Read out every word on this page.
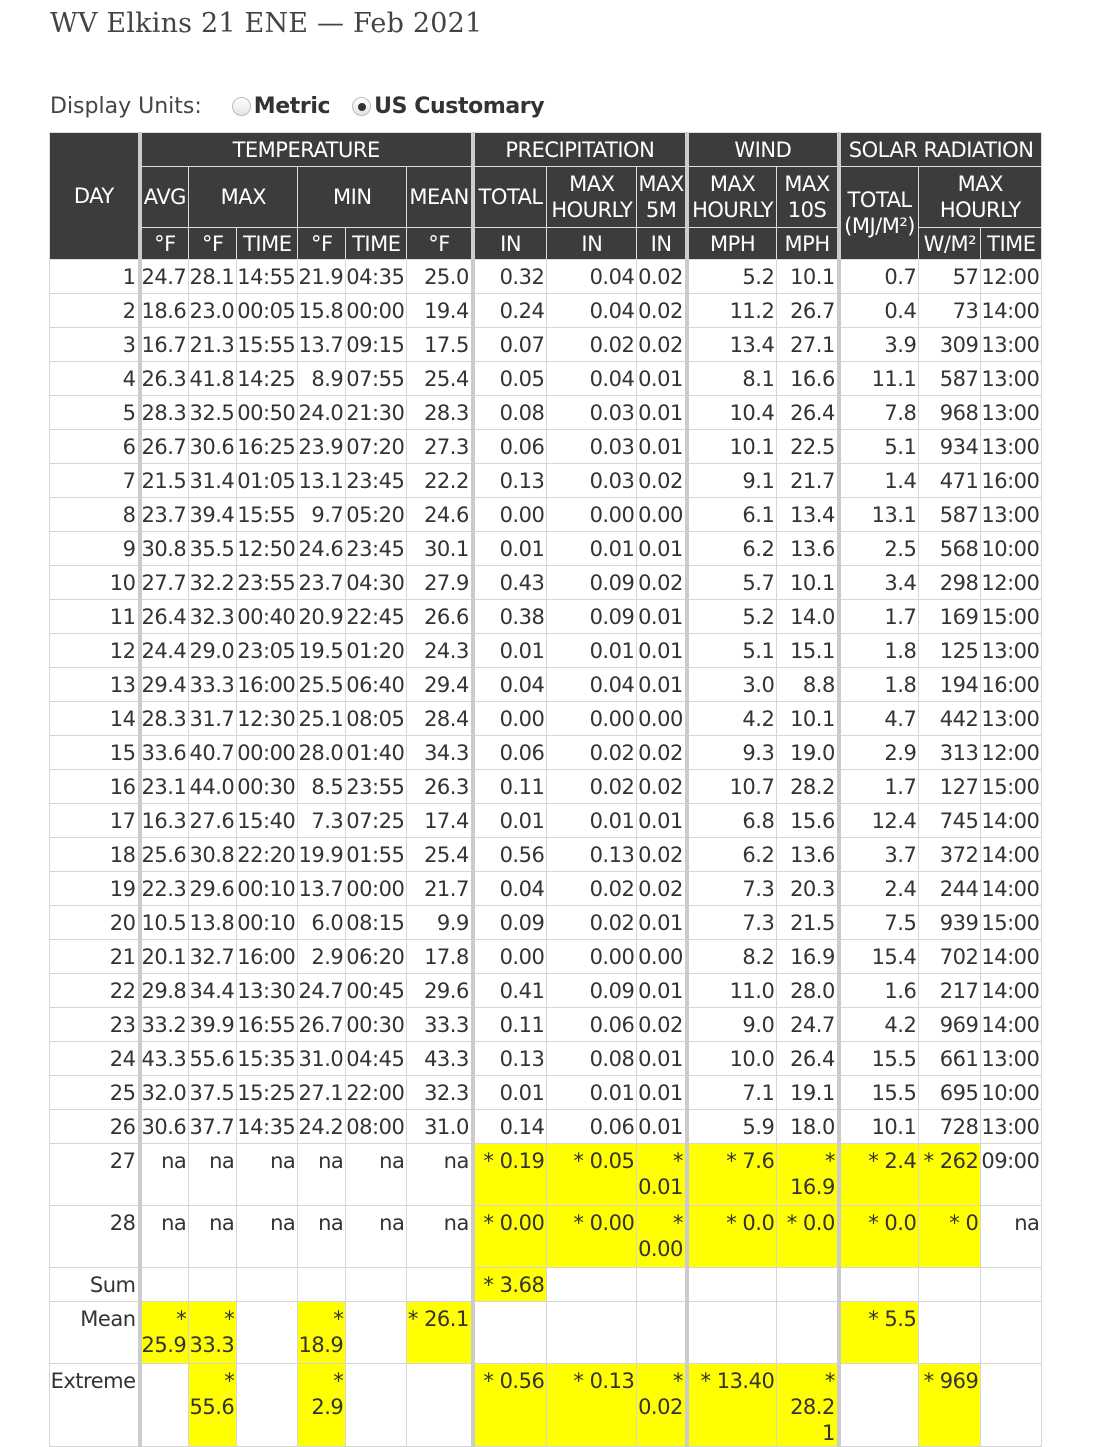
WV Elkins 21 ENE — Feb 2021
Display Units: Metric US Customary
DAY	TEMPERATURE						PRECIPITATION			WIND		SOLAR RADIATION		
	AVG	MAX		MIN		MEAN	TOTAL	MAX HOURLY	MAX 5M	MAX HOURLY	MAX 10S	TOTAL (MJ/M²)	MAX HOURLY	
	°F	°F	TIME	°F	TIME	°F	IN	IN	IN	MPH	MPH		W/M²	TIME
1	24.7	28.1	14:55	21.9	04:35	25.0	0.32	0.04	0.02	5.2	10.1	0.7	57	12:00
2	18.6	23.0	00:05	15.8	00:00	19.4	0.24	0.04	0.02	11.2	26.7	0.4	73	14:00
3	16.7	21.3	15:55	13.7	09:15	17.5	0.07	0.02	0.02	13.4	27.1	3.9	309	13:00
4	26.3	41.8	14:25	8.9	07:55	25.4	0.05	0.04	0.01	8.1	16.6	11.1	587	13:00
5	28.3	32.5	00:50	24.0	21:30	28.3	0.08	0.03	0.01	10.4	26.4	7.8	968	13:00
6	26.7	30.6	16:25	23.9	07:20	27.3	0.06	0.03	0.01	10.1	22.5	5.1	934	13:00
7	21.5	31.4	01:05	13.1	23:45	22.2	0.13	0.03	0.02	9.1	21.7	1.4	471	16:00
8	23.7	39.4	15:55	9.7	05:20	24.6	0.00	0.00	0.00	6.1	13.4	13.1	587	13:00
9	30.8	35.5	12:50	24.6	23:45	30.1	0.01	0.01	0.01	6.2	13.6	2.5	568	10:00
10	27.7	32.2	23:55	23.7	04:30	27.9	0.43	0.09	0.02	5.7	10.1	3.4	298	12:00
11	26.4	32.3	00:40	20.9	22:45	26.6	0.38	0.09	0.01	5.2	14.0	1.7	169	15:00
12	24.4	29.0	23:05	19.5	01:20	24.3	0.01	0.01	0.01	5.1	15.1	1.8	125	13:00
13	29.4	33.3	16:00	25.5	06:40	29.4	0.04	0.04	0.01	3.0	8.8	1.8	194	16:00
14	28.3	31.7	12:30	25.1	08:05	28.4	0.00	0.00	0.00	4.2	10.1	4.7	442	13:00
15	33.6	40.7	00:00	28.0	01:40	34.3	0.06	0.02	0.02	9.3	19.0	2.9	313	12:00
16	23.1	44.0	00:30	8.5	23:55	26.3	0.11	0.02	0.02	10.7	28.2	1.7	127	15:00
17	16.3	27.6	15:40	7.3	07:25	17.4	0.01	0.01	0.01	6.8	15.6	12.4	745	14:00
18	25.6	30.8	22:20	19.9	01:55	25.4	0.56	0.13	0.02	6.2	13.6	3.7	372	14:00
19	22.3	29.6	00:10	13.7	00:00	21.7	0.04	0.02	0.02	7.3	20.3	2.4	244	14:00
20	10.5	13.8	00:10	6.0	08:15	9.9	0.09	0.02	0.01	7.3	21.5	7.5	939	15:00
21	20.1	32.7	16:00	2.9	06:20	17.8	0.00	0.00	0.00	8.2	16.9	15.4	702	14:00
22	29.8	34.4	13:30	24.7	00:45	29.6	0.41	0.09	0.01	11.0	28.0	1.6	217	14:00
23	33.2	39.9	16:55	26.7	00:30	33.3	0.11	0.06	0.02	9.0	24.7	4.2	969	14:00
24	43.3	55.6	15:35	31.0	04:45	43.3	0.13	0.08	0.01	10.0	26.4	15.5	661	13:00
25	32.0	37.5	15:25	27.1	22:00	32.3	0.01	0.01	0.01	7.1	19.1	15.5	695	10:00
26	30.6	37.7	14:35	24.2	08:00	31.0	0.14	0.06	0.01	5.9	18.0	10.1	728	13:00
27	na	na	na	na	na	na	* 0.19	* 0.05	* 0.01	* 7.6	* 16.9	* 2.4	* 262	09:00
28	na	na	na	na	na	na	* 0.00	* 0.00	* 0.00	* 0.0	* 0.0	* 0.0	* 0	na
Sum							* 3.68							
Mean	* 25.9	* 33.3		* 18.9		* 26.1						* 5.5		
Extreme		* 55.6		* 2.9			* 0.56	* 0.13	* 0.02	* 13.40	* 28.21		* 969	
